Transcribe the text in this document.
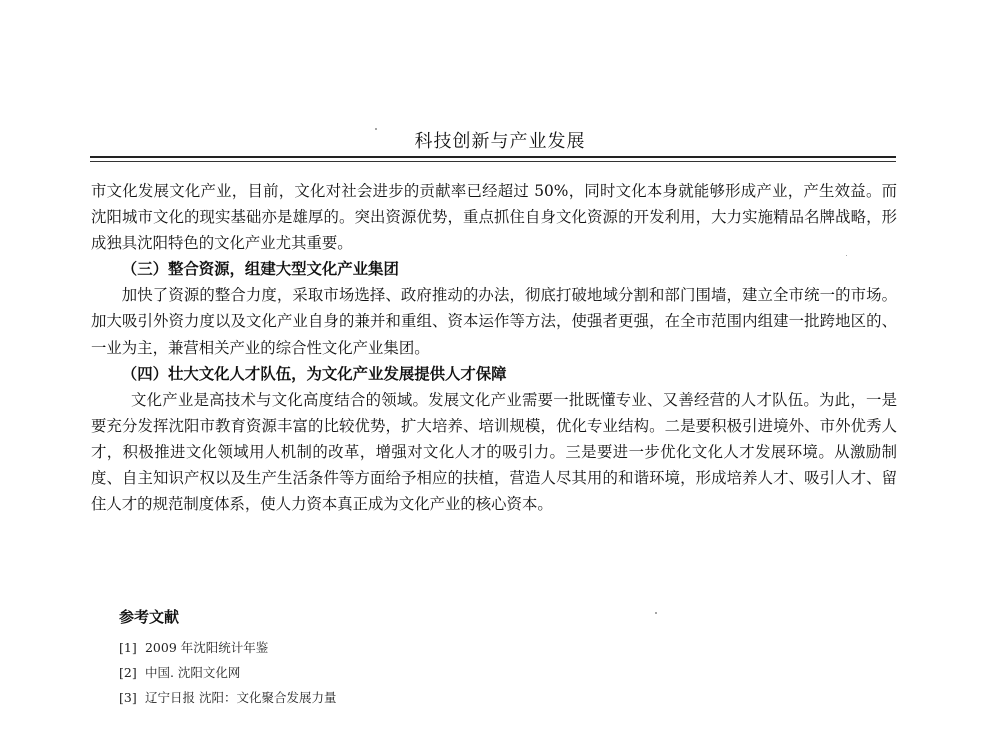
科技创新与产业发展

市文化发展文化产业，目前，文化对社会进步的贡献率已经超过 50%，同时文化本身就能够形成产业，产生效益。而沈阳城市文化的现实基础亦是雄厚的。突出资源优势，重点抓住自身文化资源的开发利用，大力实施精品名牌战略，形成独具沈阳特色的文化产业尤其重要。

（三）整合资源，组建大型文化产业集团

加快了资源的整合力度，采取市场选择、政府推动的办法，彻底打破地域分割和部门围墙，建立全市统一的市场。加大吸引外资力度以及文化产业自身的兼并和重组、资本运作等方法，使强者更强，在全市范围内组建一批跨地区的、一业为主，兼营相关产业的综合性文化产业集团。

（四）壮大文化人才队伍，为文化产业发展提供人才保障

文化产业是高技术与文化高度结合的领域。发展文化产业需要一批既懂专业、又善经营的人才队伍。为此，一是要充分发挥沈阳市教育资源丰富的比较优势，扩大培养、培训规模，优化专业结构。二是要积极引进境外、市外优秀人才，积极推进文化领域用人机制的改革，增强对文化人才的吸引力。三是要进一步优化文化人才发展环境。从激励制度、自主知识产权以及生产生活条件等方面给予相应的扶植，营造人尽其用的和谐环境，形成培养人才、吸引人才、留住人才的规范制度体系，使人力资本真正成为文化产业的核心资本。

参考文献
[1] 2009 年沈阳统计年鉴
[2] 中国. 沈阳文化网
[3] 辽宁日报 沈阳：文化聚合发展力量
